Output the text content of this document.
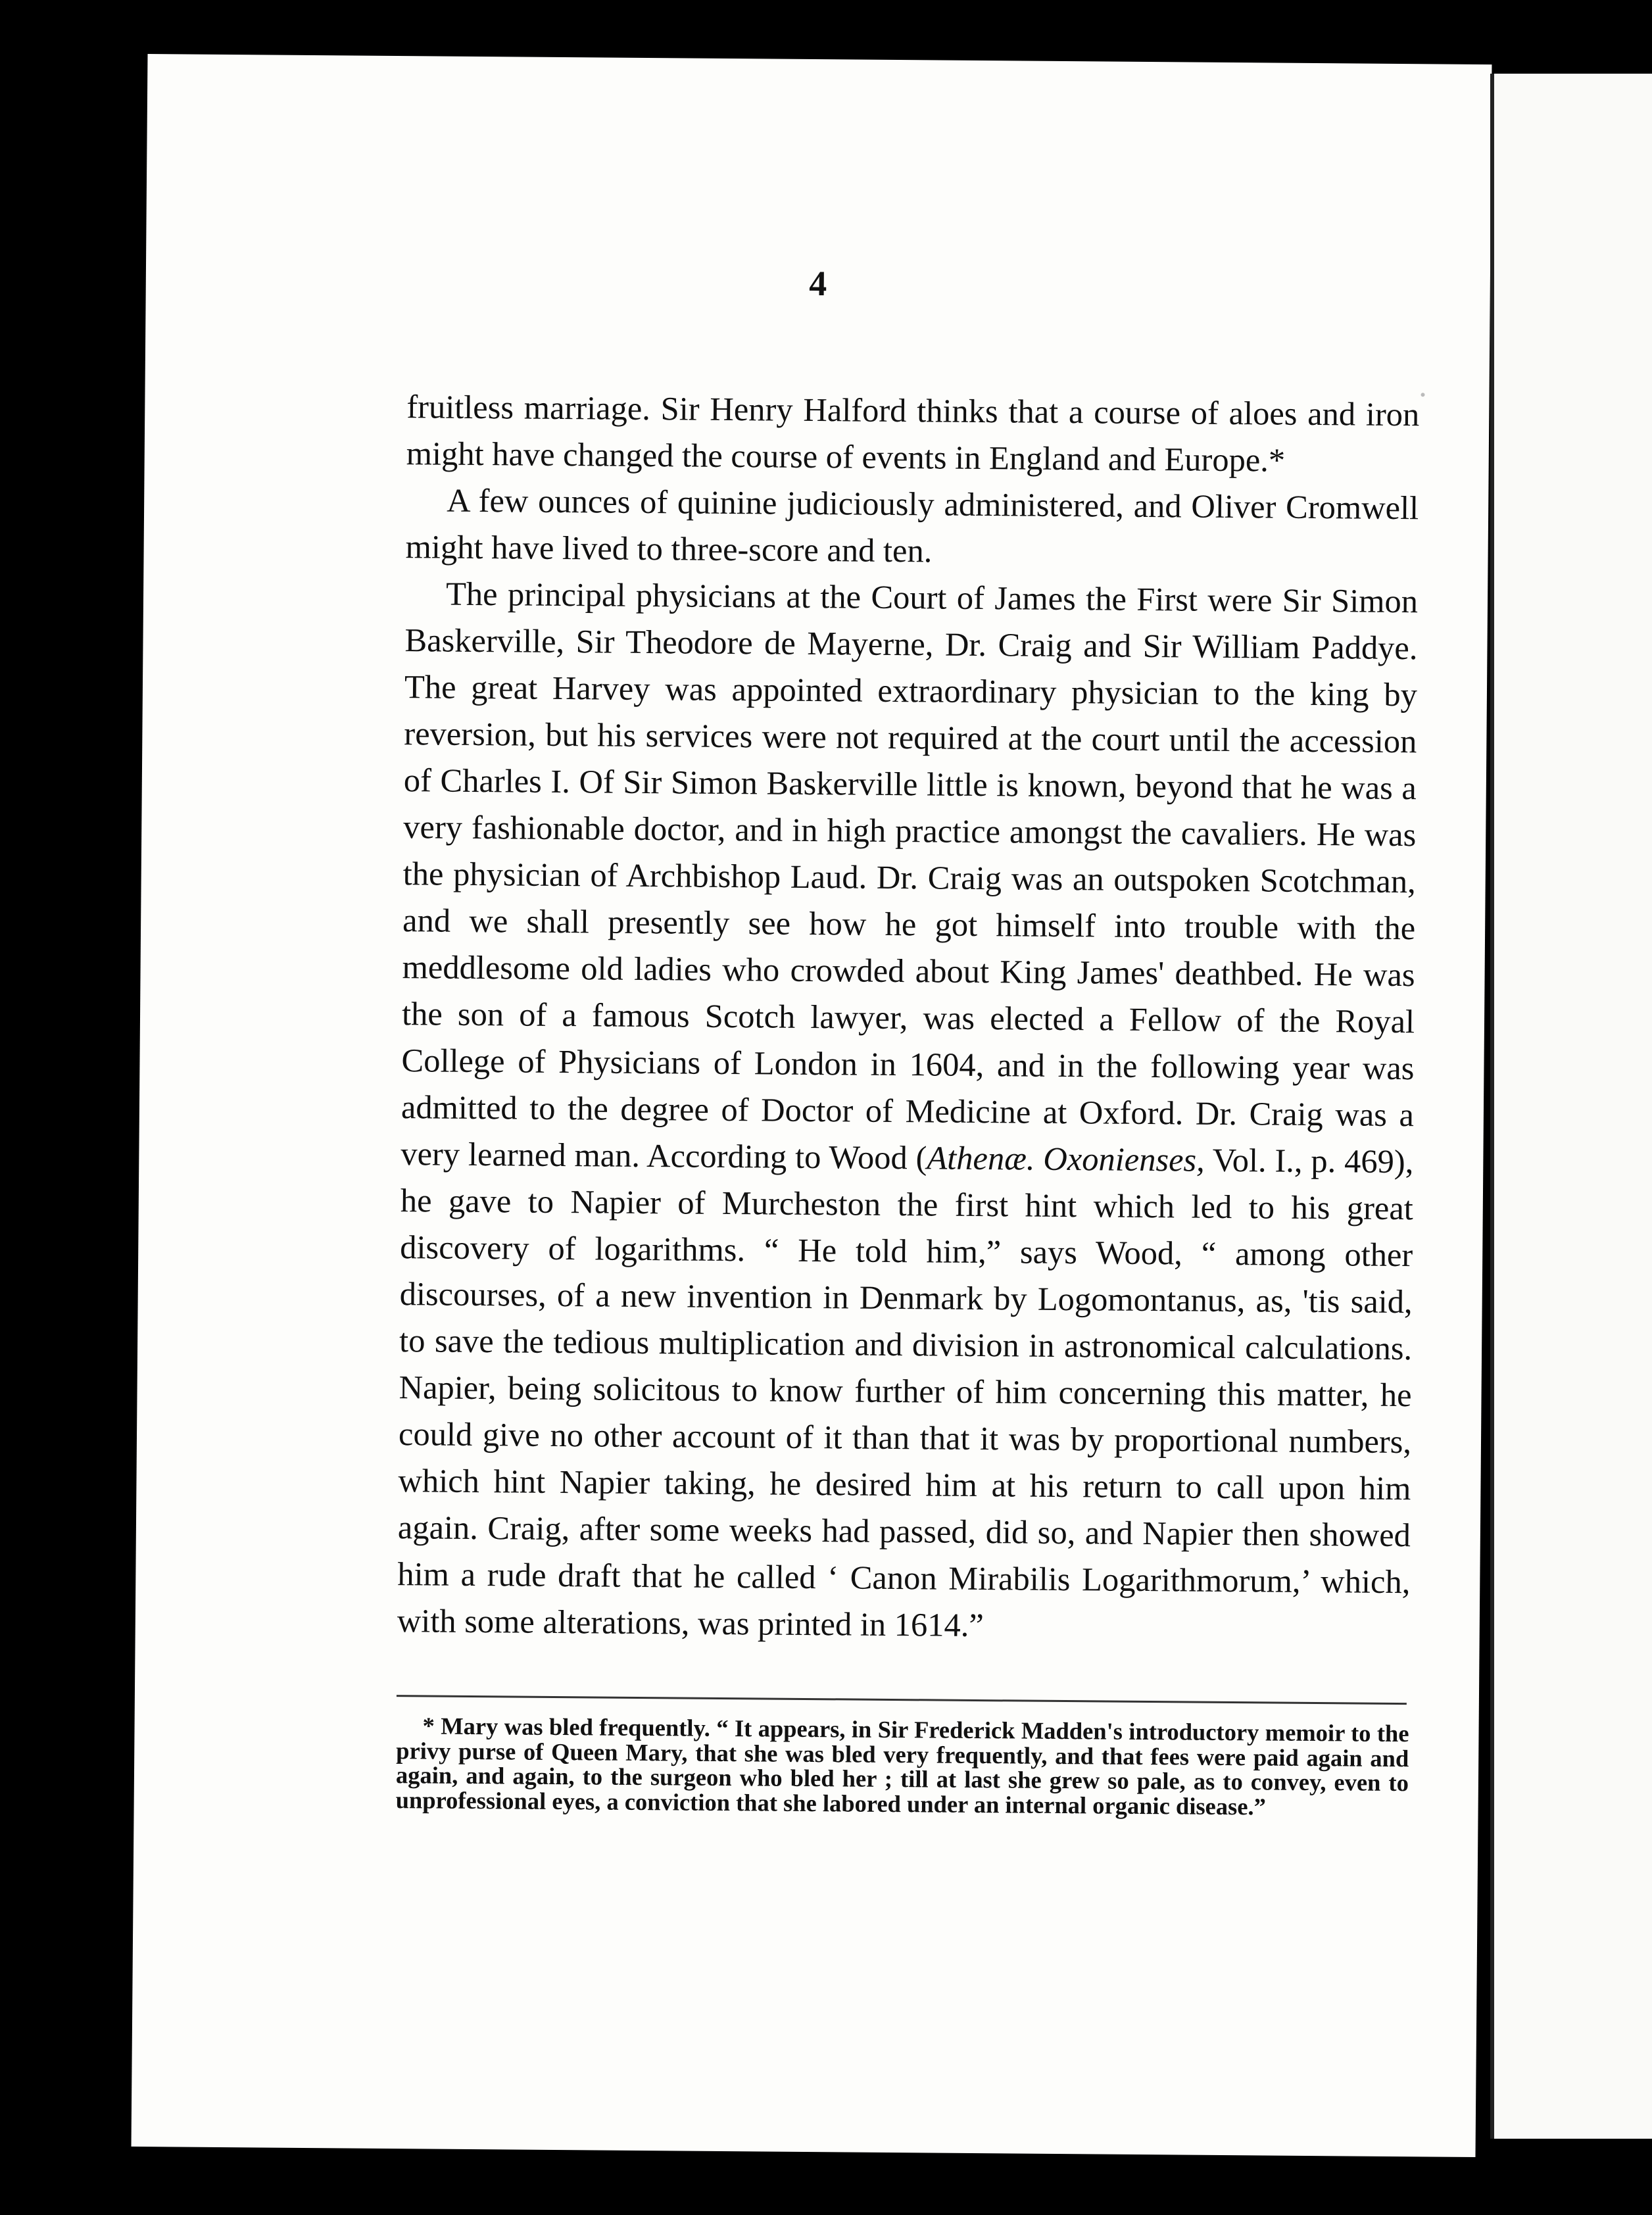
4

fruitless marriage. Sir Henry Halford thinks that a course of aloes and iron might have changed the course of events in England and Europe.*

A few ounces of quinine judiciously administered, and Oliver Cromwell might have lived to three-score and ten.

The principal physicians at the Court of James the First were Sir Simon Baskerville, Sir Theodore de Mayerne, Dr. Craig and Sir William Paddye. The great Harvey was appointed extraordinary physician to the king by reversion, but his services were not required at the court until the accession of Charles I. Of Sir Simon Baskerville little is known, beyond that he was a very fashionable doctor, and in high practice amongst the cavaliers. He was the physician of Archbishop Laud. Dr. Craig was an outspoken Scotchman, and we shall presently see how he got himself into trouble with the meddlesome old ladies who crowded about King James' deathbed. He was the son of a famous Scotch lawyer, was elected a Fellow of the Royal College of Physicians of London in 1604, and in the following year was admitted to the degree of Doctor of Medicine at Oxford. Dr. Craig was a very learned man. According to Wood (Athenæ. Oxonienses, Vol. I., p. 469), he gave to Napier of Murcheston the first hint which led to his great discovery of logarithms. “ He told him,” says Wood, “ among other discourses, of a new invention in Denmark by Logomontanus, as, 'tis said, to save the tedious multiplication and division in astronomical calculations. Napier, being solicitous to know further of him concerning this matter, he could give no other account of it than that it was by proportional numbers, which hint Napier taking, he desired him at his return to call upon him again. Craig, after some weeks had passed, did so, and Napier then showed him a rude draft that he called ‘ Canon Mirabilis Logarithmorum,’ which, with some alterations, was printed in 1614.”

* Mary was bled frequently. “ It appears, in Sir Frederick Madden's introductory memoir to the privy purse of Queen Mary, that she was bled very frequently, and that fees were paid again and again, and again, to the surgeon who bled her ; till at last she grew so pale, as to convey, even to unprofessional eyes, a conviction that she labored under an internal organic disease.”
